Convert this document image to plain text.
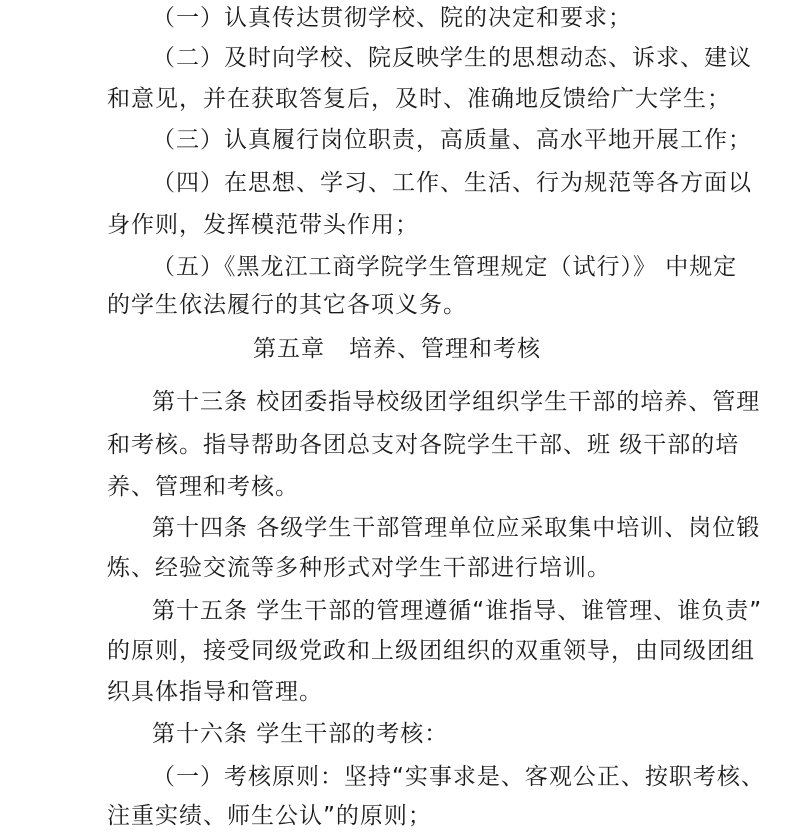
（一）认真传达贯彻学校、院的决定和要求；
（二）及时向学校、院反映学生的思想动态、诉求、建议
和意见，并在获取答复后，及时、准确地反馈给广大学生；
（三）认真履行岗位职责，高质量、高水平地开展工作；
（四）在思想、学习、工作、生活、行为规范等各方面以
身作则，发挥模范带头作用；
（五）《黑龙江工商学院学生管理规定（试行）》 中规定
的学生依法履行的其它各项义务。
第五章　培养、管理和考核
第十三条 校团委指导校级团学组织学生干部的培养、管理
和考核。指导帮助各团总支对各院学生干部、班 级干部的培
养、管理和考核。
第十四条 各级学生干部管理单位应采取集中培训、岗位锻
炼、经验交流等多种形式对学生干部进行培训。
第十五条 学生干部的管理遵循“谁指导、谁管理、谁负责”
的原则，接受同级党政和上级团组织的双重领导，由同级团组
织具体指导和管理。
第十六条 学生干部的考核：
（一）考核原则：坚持“实事求是、客观公正、按职考核、
注重实绩、师生公认”的原则；
